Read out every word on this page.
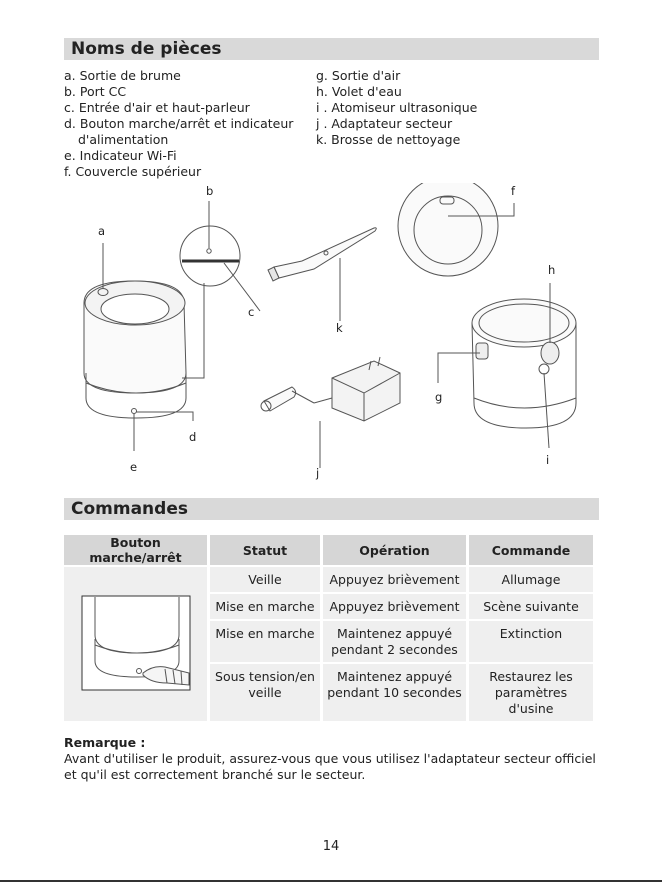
Noms de pièces
a. Sortie de brume
b. Port CC
c. Entrée d'air et haut-parleur
d. Bouton marche/arrêt et indicateur
d'alimentation
e. Indicateur Wi-Fi
f. Couvercle supérieur
g. Sortie d'air
h. Volet d'eau
i . Atomiseur ultrasonique
j . Adaptateur secteur
k. Brosse de nettoyage
a
b
c
d
e
f
g
h
i
j
k
Commandes
Bouton marche/arrêt	Statut	Opération	Commande
	Veille	Appuyez brièvement	Allumage
	Mise en marche	Appuyez brièvement	Scène suivante
	Mise en marche	Maintenez appuyé pendant 2 secondes	Extinction
	Sous tension/en veille	Maintenez appuyé pendant 10 secondes	Restaurez les paramètres d'usine
Remarque :
Avant d'utiliser le produit, assurez-vous que vous utilisez l'adaptateur secteur officiel et qu'il est correctement branché sur le secteur.
14
